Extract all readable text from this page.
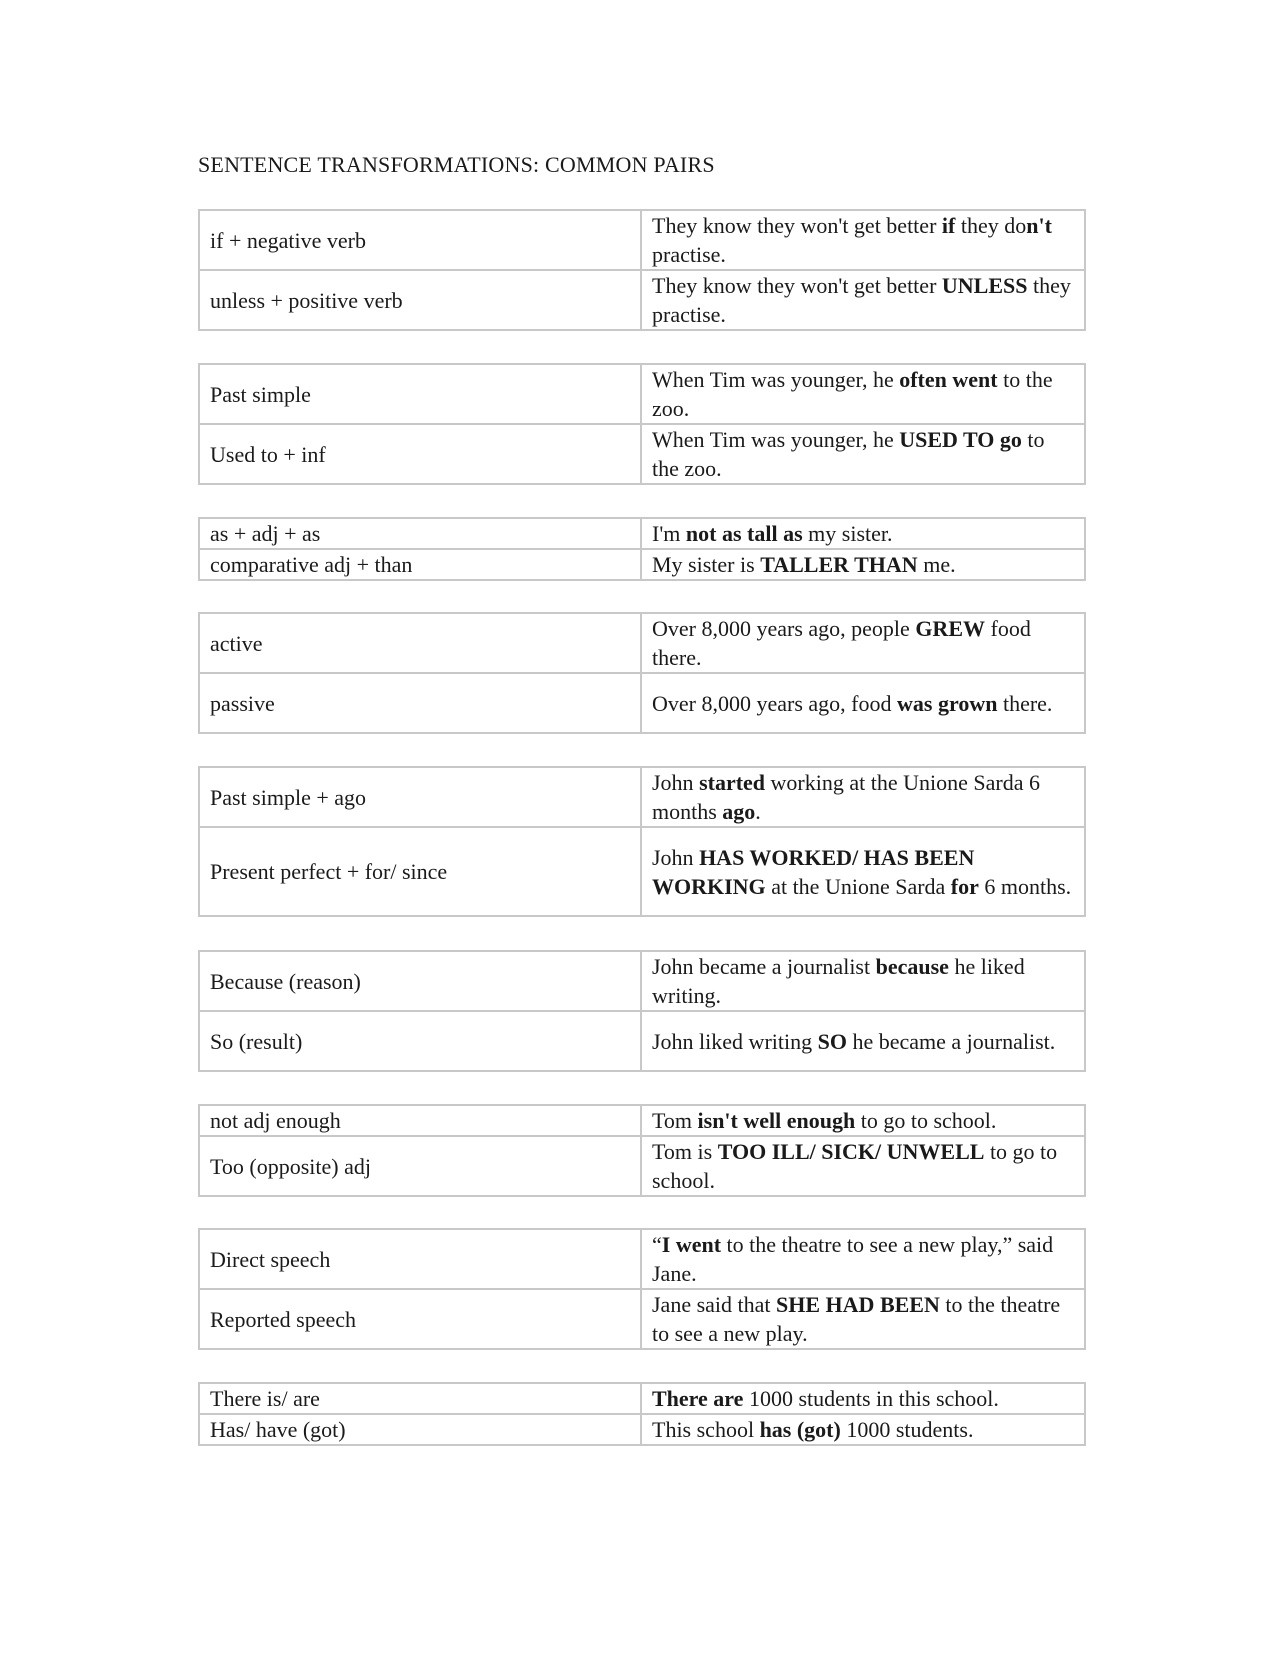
SENTENCE TRANSFORMATIONS: COMMON PAIRS
if + negative verb	They know they won't get better if they don't practise.
unless + positive verb	They know they won't get better UNLESS they practise.
Past simple	When Tim was younger, he often went to the zoo.
Used to + inf	When Tim was younger, he USED TO go to the zoo.
as + adj + as	I'm not as tall as my sister.
comparative adj + than	My sister is TALLER THAN me.
active	Over 8,000 years ago, people GREW food there.
passive	Over 8,000 years ago, food was grown there.
Past simple + ago	John started working at the Unione Sarda 6 months ago.
Present perfect + for/ since	John HAS WORKED/ HAS BEEN WORKING at the Unione Sarda for 6 months.
Because (reason)	John became a journalist because he liked writing.
So (result)	John liked writing SO he became a journalist.
not adj enough	Tom isn't well enough to go to school.
Too (opposite) adj	Tom is TOO ILL/ SICK/ UNWELL to go to school.
Direct speech	“I went to the theatre to see a new play,” said Jane.
Reported speech	Jane said that SHE HAD BEEN to the theatre to see a new play.
There is/ are	There are 1000 students in this school.
Has/ have (got)	This school has (got) 1000 students.
